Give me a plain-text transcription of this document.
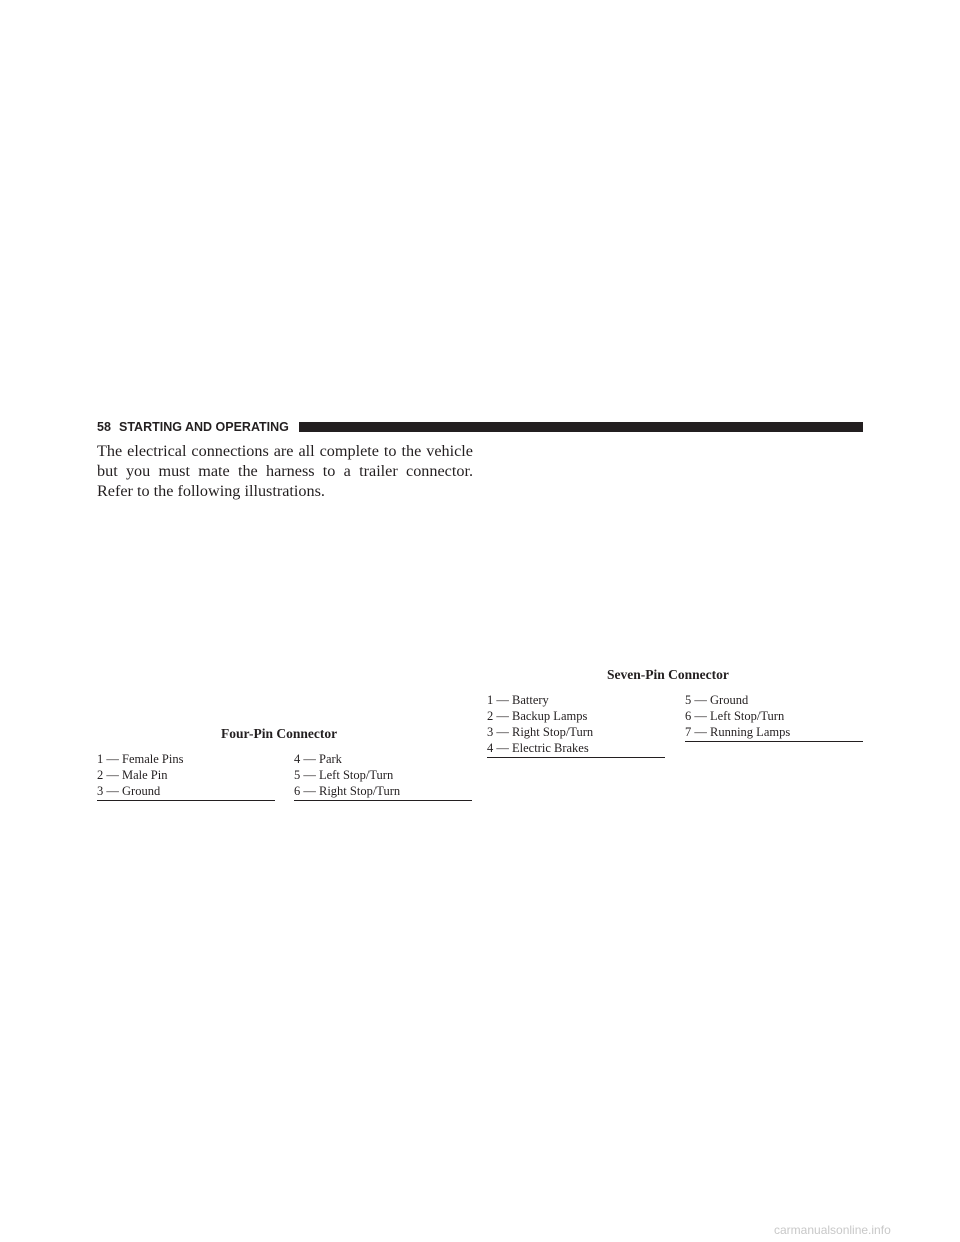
58 STARTING AND OPERATING

The electrical connections are all complete to the vehicle
but you must mate the harness to a trailer connector.
Refer to the following illustrations.

Seven-Pin Connector
1 — Battery
2 — Backup Lamps
3 — Right Stop/Turn
4 — Electric Brakes
5 — Ground
6 — Left Stop/Turn
7 — Running Lamps
Four-Pin Connector
1 — Female Pins
2 — Male Pin
3 — Ground
4 — Park
5 — Left Stop/Turn
6 — Right Stop/Turn
carmanualsonline.info
